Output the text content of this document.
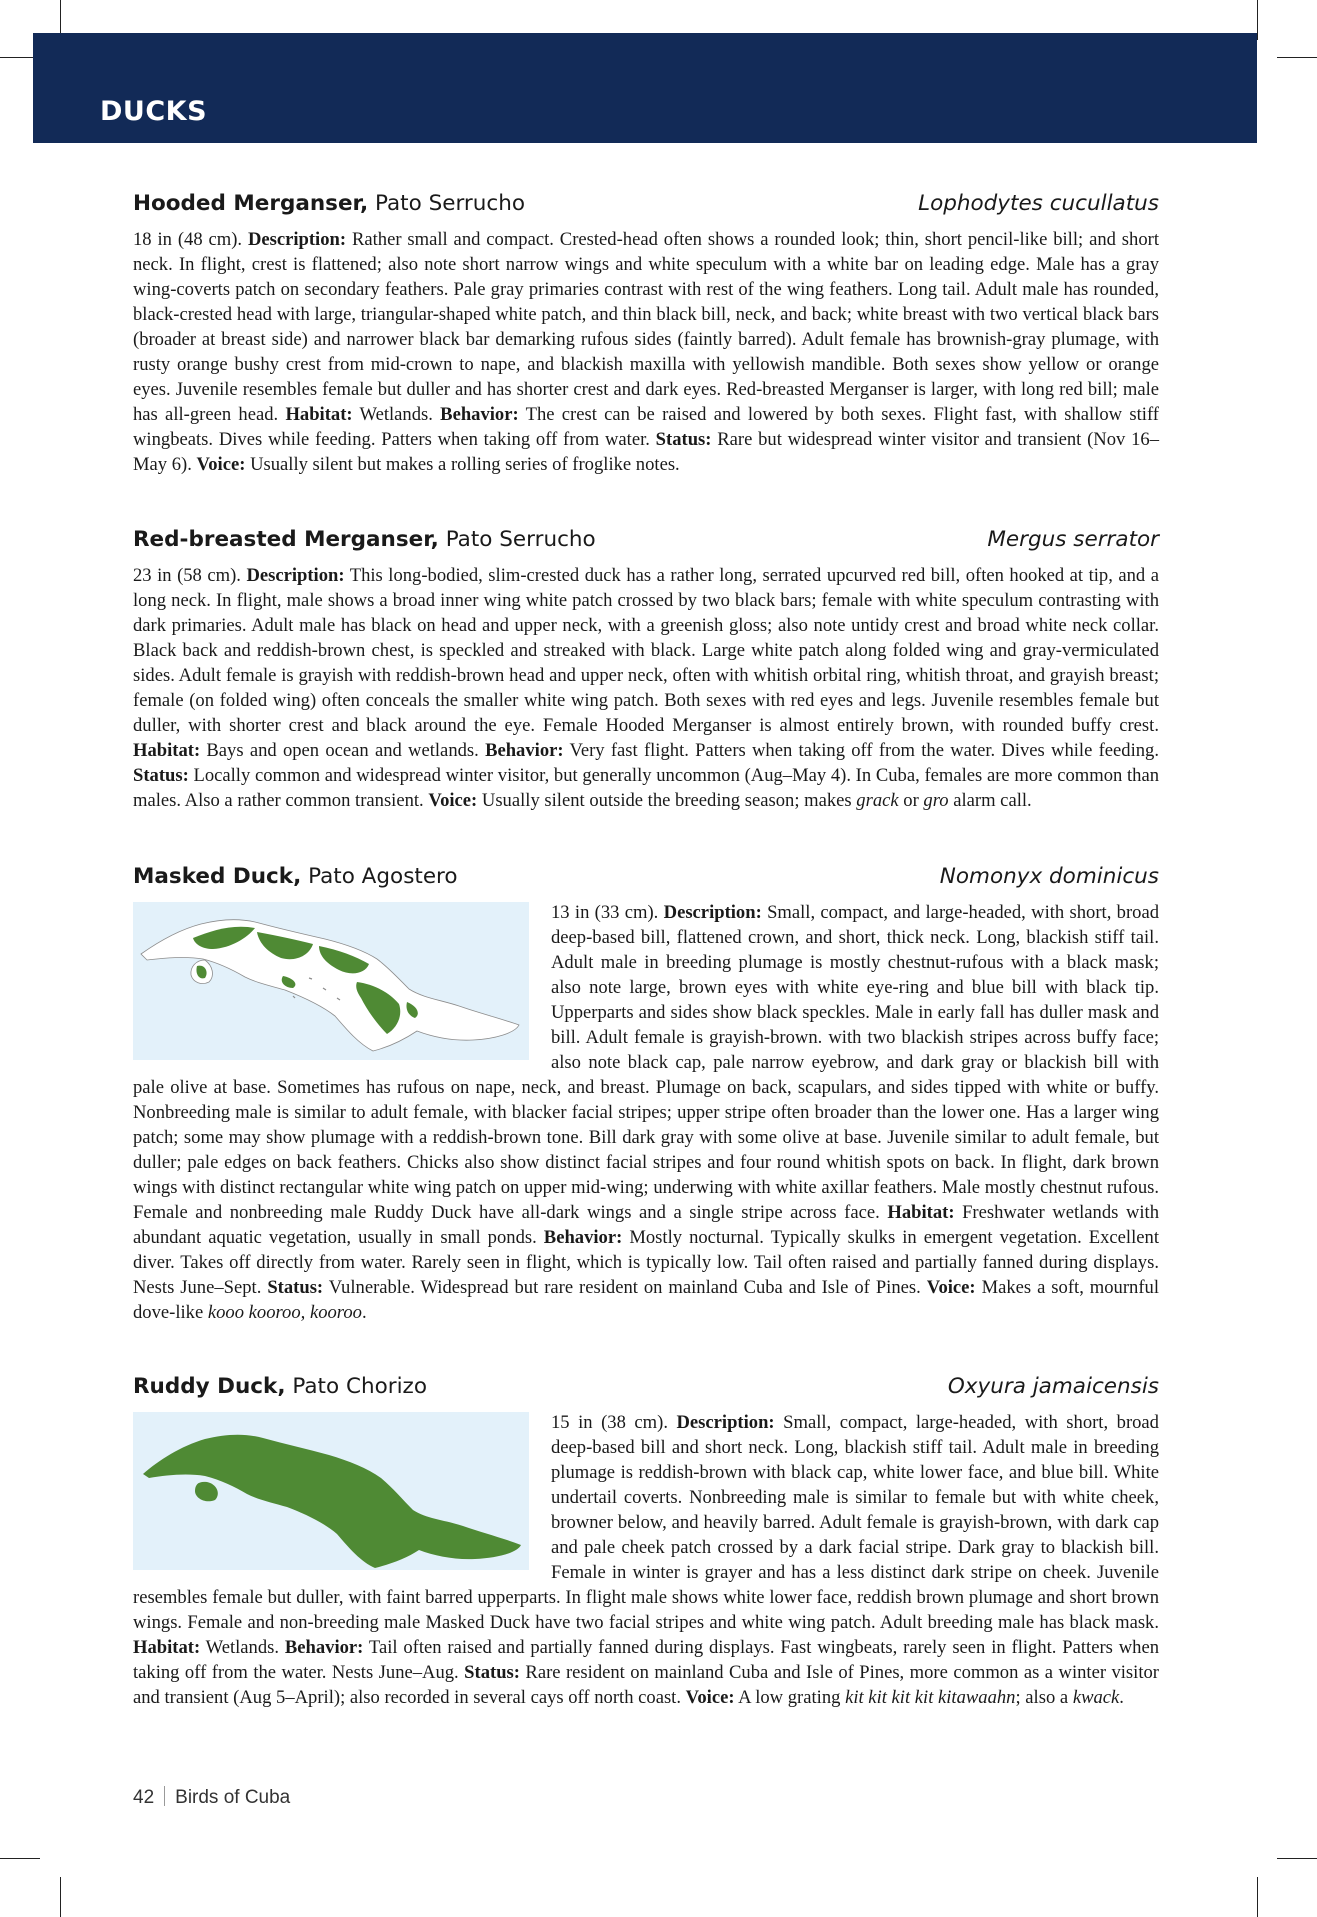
DUCKS
Hooded Merganser, Pato Serrucho	Lophodytes cucullatus

18 in (48 cm). Description: Rather small and compact. Crested-head often shows a rounded look; thin, short pencil-like bill; and short neck. In flight, crest is flattened; also note short narrow wings and white speculum with a white bar on leading edge. Male has a gray wing-coverts patch on secondary feathers. Pale gray primaries contrast with rest of the wing feathers. Long tail. Adult male has rounded, black-crested head with large, triangular-shaped white patch, and thin black bill, neck, and back; white breast with two vertical black bars (broader at breast side) and narrower black bar demarking rufous sides (faintly barred). Adult female has brownish-gray plumage, with rusty orange bushy crest from mid-crown to nape, and blackish maxilla with yellowish mandible. Both sexes show yellow or orange eyes. Juvenile resembles female but duller and has shorter crest and dark eyes. Red-breasted Merganser is larger, with long red bill; male has all-green head. Habitat: Wetlands. Behavior: The crest can be raised and lowered by both sexes. Flight fast, with shallow stiff wingbeats. Dives while feeding. Patters when taking off from water. Status: Rare but widespread winter visitor and transient (Nov 16–May 6). Voice: Usually silent but makes a rolling series of froglike notes.

Red-breasted Merganser, Pato Serrucho	Mergus serrator

23 in (58 cm). Description: This long-bodied, slim-crested duck has a rather long, serrated upcurved red bill, often hooked at tip, and a long neck. In flight, male shows a broad inner wing white patch crossed by two black bars; female with white speculum contrasting with dark primaries. Adult male has black on head and upper neck, with a greenish gloss; also note untidy crest and broad white neck collar. Black back and reddish-brown chest, is speckled and streaked with black. Large white patch along folded wing and gray-vermiculated sides. Adult female is grayish with reddish-brown head and upper neck, often with whitish orbital ring, whitish throat, and grayish breast; female (on folded wing) often conceals the smaller white wing patch. Both sexes with red eyes and legs. Juvenile resembles female but duller, with shorter crest and black around the eye. Female Hooded Merganser is almost entirely brown, with rounded buffy crest. Habitat: Bays and open ocean and wetlands. Behavior: Very fast flight. Patters when taking off from the water. Dives while feeding. Status: Locally common and widespread winter visitor, but generally uncommon (Aug–May 4). In Cuba, females are more common than males. Also a rather common transient. Voice: Usually silent outside the breeding season; makes grack or gro alarm call.

Masked Duck, Pato Agostero	Nomonyx dominicus

13 in (33 cm). Description: Small, compact, and large-headed, with short, broad deep-based bill, flattened crown, and short, thick neck. Long, blackish stiff tail. Adult male in breeding plumage is mostly chestnut-rufous with a black mask; also note large, brown eyes with white eye-ring and blue bill with black tip. Upperparts and sides show black speckles. Male in early fall has duller mask and bill. Adult female is grayish-brown. with two blackish stripes across buffy face; also note black cap, pale narrow eyebrow, and dark gray or blackish bill with pale olive at base. Sometimes has rufous on nape, neck, and breast. Plumage on back, scapulars, and sides tipped with white or buffy. Nonbreeding male is similar to adult female, with blacker facial stripes; upper stripe often broader than the lower one. Has a larger wing patch; some may show plumage with a reddish-brown tone. Bill dark gray with some olive at base. Juvenile similar to adult female, but duller; pale edges on back feathers. Chicks also show distinct facial stripes and four round whitish spots on back. In flight, dark brown wings with distinct rectangular white wing patch on upper mid-wing; underwing with white axillar feathers. Male mostly chestnut rufous. Female and nonbreeding male Ruddy Duck have all-dark wings and a single stripe across face. Habitat: Freshwater wetlands with abundant aquatic vegetation, usually in small ponds. Behavior: Mostly nocturnal. Typically skulks in emergent vegetation. Excellent diver. Takes off directly from water. Rarely seen in flight, which is typically low. Tail often raised and partially fanned during displays. Nests June–Sept. Status: Vulnerable. Widespread but rare resident on mainland Cuba and Isle of Pines. Voice: Makes a soft, mournful dove-like kooo kooroo, kooroo.

Ruddy Duck, Pato Chorizo	Oxyura jamaicensis

15 in (38 cm). Description: Small, compact, large-headed, with short, broad deep-based bill and short neck. Long, blackish stiff tail. Adult male in breeding plumage is reddish-brown with black cap, white lower face, and blue bill. White undertail coverts. Nonbreeding male is similar to female but with white cheek, browner below, and heavily barred. Adult female is grayish-brown, with dark cap and pale cheek patch crossed by a dark facial stripe. Dark gray to blackish bill. Female in winter is grayer and has a less distinct dark stripe on cheek. Juvenile resembles female but duller, with faint barred upperparts. In flight male shows white lower face, reddish brown plumage and short brown wings. Female and non-breeding male Masked Duck have two facial stripes and white wing patch. Adult breeding male has black mask. Habitat: Wetlands. Behavior: Tail often raised and partially fanned during displays. Fast wingbeats, rarely seen in flight. Patters when taking off from the water. Nests June–Aug. Status: Rare resident on mainland Cuba and Isle of Pines, more common as a winter visitor and transient (Aug 5–April); also recorded in several cays off north coast. Voice: A low grating kit kit kit kit kitawaahn; also a kwack.

42 Birds of Cuba
